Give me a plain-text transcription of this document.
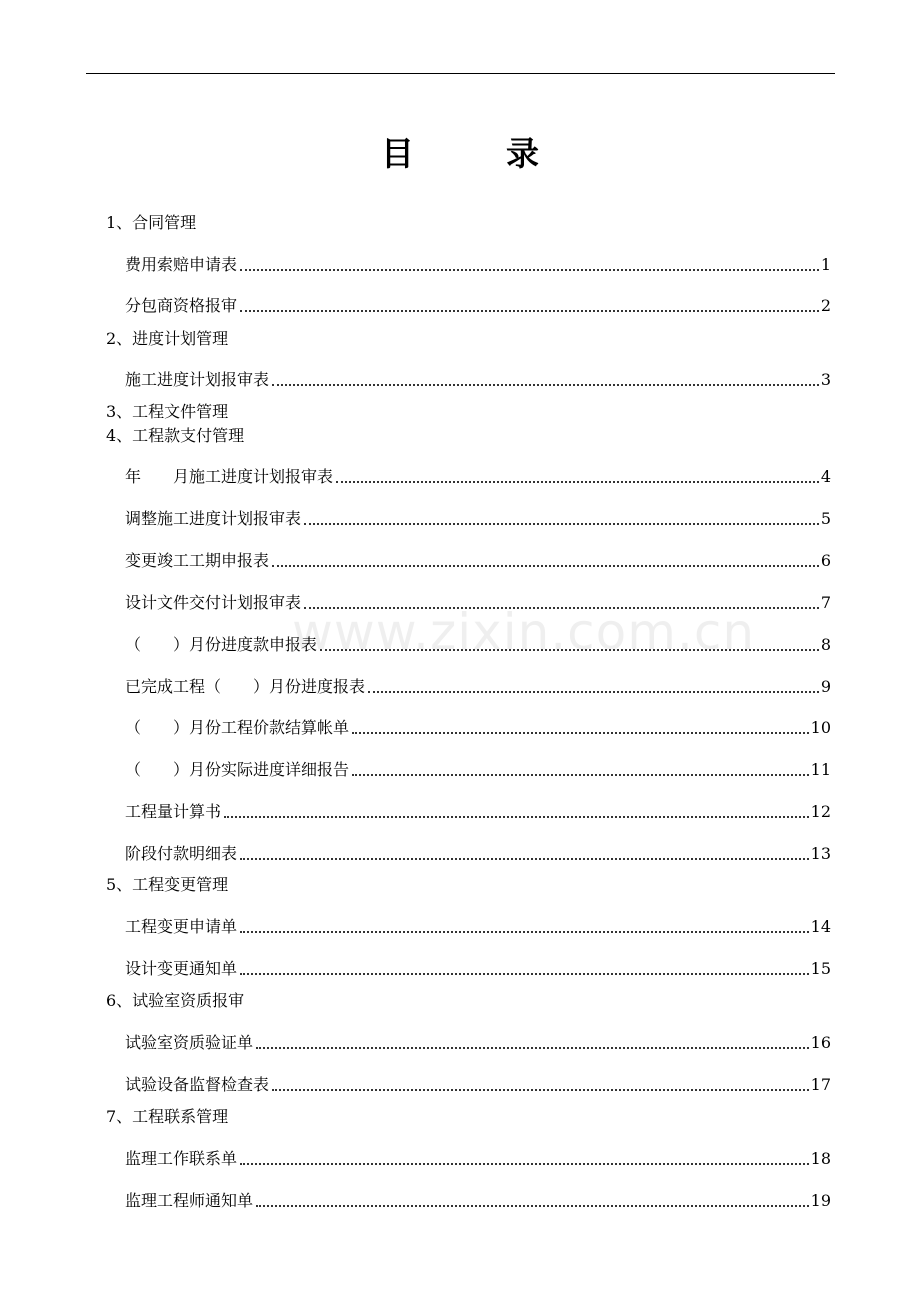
目	录
www.zixin.com.cn
1、合同管理
费用索赔申请表	1
分包商资格报审	2
2、进度计划管理
施工进度计划报审表	3
3、工程文件管理
4、工程款支付管理
年　　月施工进度计划报审表	4
调整施工进度计划报审表	5
变更竣工工期申报表	6
设计文件交付计划报审表	7
（　　）月份进度款申报表	8
已完成工程（　　）月份进度报表	9
（　　）月份工程价款结算帐单	10
（　　）月份实际进度详细报告	11
工程量计算书	12
阶段付款明细表	13
5、工程变更管理
工程变更申请单	14
设计变更通知单	15
6、试验室资质报审
试验室资质验证单	16
试验设备监督检查表	17
7、工程联系管理
监理工作联系单	18
监理工程师通知单	19
